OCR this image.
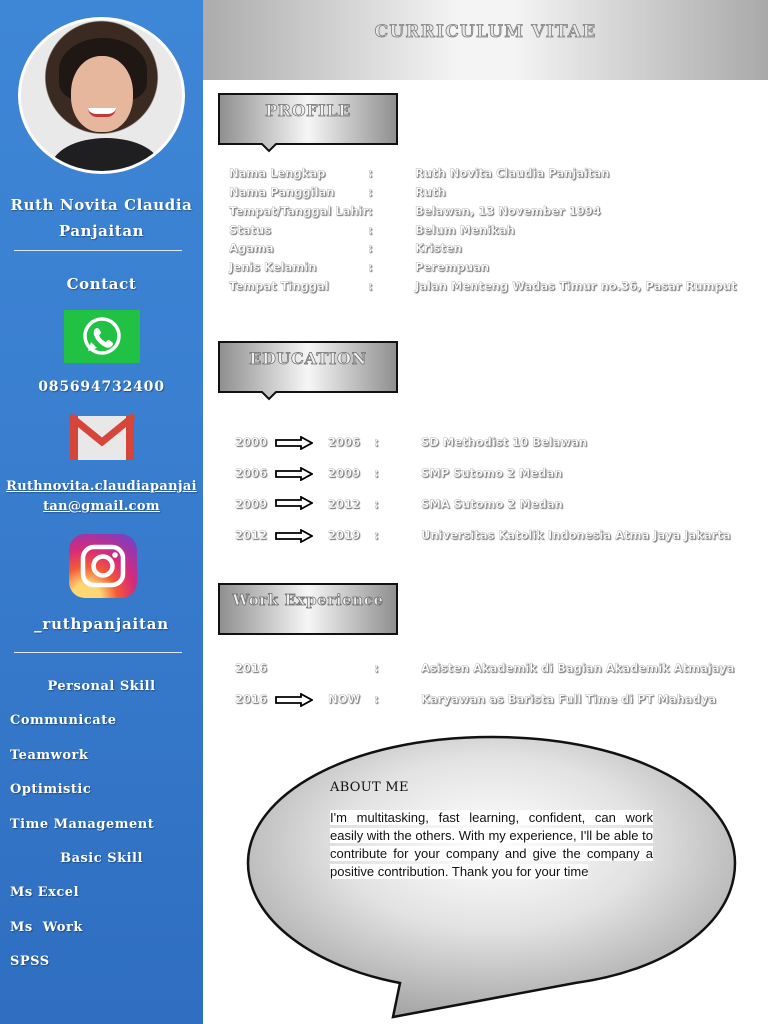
Ruth Novita Claudia
Panjaitan
Contact
085694732400
Ruthnovita.claudiapanjaitan@gmail.com
_ruthpanjaitan
Personal Skill
Communicate
Teamwork
Optimistic
Time Management
Basic Skill
Ms Excel
Ms  Work
SPSS
CURRICULUM VITAE
PROFILE
Nama Lengkap	:	Ruth Novita Claudia Panjaitan
Nama Panggilan	:	Ruth
Tempat/Tanggal Lahir :	Belawan, 13 November 1994
Status	:	Belum Menikah
Agama	:	Kristen
Jenis Kelamin	:	Perempuan
Tempat Tinggal	:	Jalan Menteng Wadas Timur no.36, Pasar Rumput
EDUCATION
2000	2006 :	SD Methodist 10 Belawan
2006	2009 :	SMP Sutomo 2 Medan
2009	2012 :	SMA Sutomo 2 Medan
2012	2019 :	Universitas Katolik Indonesia Atma Jaya Jakarta
Work Experience
2016	:	Asisten Akademik di Bagian Akademik Atmajaya
2016	NOW :	Karyawan as Barista Full Time di PT Mahadya
ABOUT ME
I'm multitasking, fast learning, confident, can work easily with the others. With my experience, I'll be able to contribute for your company and give the company a positive contribution. Thank you for your time
